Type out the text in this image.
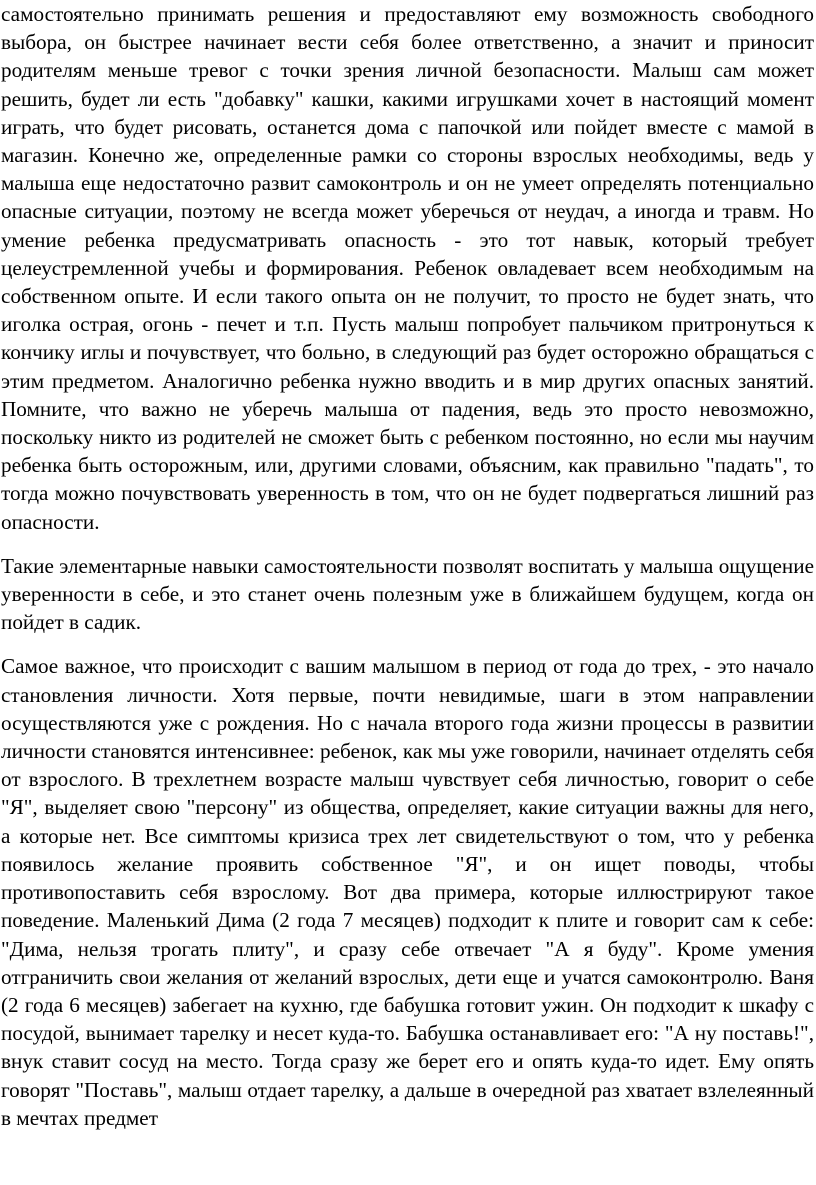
самостоятельно принимать решения и предоставляют ему возможность свободного выбора, он быстрее начинает вести себя более ответственно, а значит и приносит родителям меньше тревог с точки зрения личной безопасности. Малыш сам может решить, будет ли есть "добавку" кашки, какими игрушками хочет в настоящий момент играть, что будет рисовать, останется дома с папочкой или пойдет вместе с мамой в магазин. Конечно же, определенные рамки со стороны взрослых необходимы, ведь у малыша еще недостаточно развит самоконтроль и он не умеет определять потенциально опасные ситуации, поэтому не всегда может уберечься от неудач, а иногда и травм. Но умение ребенка предусматривать опасность - это тот навык, который требует целеустремленной учебы и формирования. Ребенок овладевает всем необходимым на собственном опыте. И если такого опыта он не получит, то просто не будет знать, что иголка острая, огонь - печет и т.п. Пусть малыш попробует пальчиком притронуться к кончику иглы и почувствует, что больно, в следующий раз будет осторожно обращаться с этим предметом. Аналогично ребенка нужно вводить и в мир других опасных занятий. Помните, что важно не уберечь малыша от падения, ведь это просто невозможно, поскольку никто из родителей не сможет быть с ребенком постоянно, но если мы научим ребенка быть осторожным, или, другими словами, объясним, как правильно "падать", то тогда можно почувствовать уверенность в том, что он не будет подвергаться лишний раз опасности.

Такие элементарные навыки самостоятельности позволят воспитать у малыша ощущение уверенности в себе, и это станет очень полезным уже в ближайшем будущем, когда он пойдет в садик.

Самое важное, что происходит с вашим малышом в период от года до трех, - это начало становления личности. Хотя первые, почти невидимые, шаги в этом направлении осуществляются уже с рождения. Но с начала второго года жизни процессы в развитии личности становятся интенсивнее: ребенок, как мы уже говорили, начинает отделять себя от взрослого. В трехлетнем возрасте малыш чувствует себя личностью, говорит о себе "Я", выделяет свою "персону" из общества, определяет, какие ситуации важны для него, а которые нет. Все симптомы кризиса трех лет свидетельствуют о том, что у ребенка появилось желание проявить собственное "Я", и он ищет поводы, чтобы противопоставить себя взрослому. Вот два примера, которые иллюстрируют такое поведение. Маленький Дима (2 года 7 месяцев) подходит к плите и говорит сам к себе: "Дима, нельзя трогать плиту", и сразу себе отвечает "А я буду". Кроме умения отграничить свои желания от желаний взрослых, дети еще и учатся самоконтролю. Ваня (2 года 6 месяцев) забегает на кухню, где бабушка готовит ужин. Он подходит к шкафу с посудой, вынимает тарелку и несет куда-то. Бабушка останавливает его: "А ну поставь!", внук ставит сосуд на место. Тогда сразу же берет его и опять куда-то идет. Ему опять говорят "Поставь", малыш отдает тарелку, а дальше в очередной раз хватает взлелеянный в мечтах предмет
